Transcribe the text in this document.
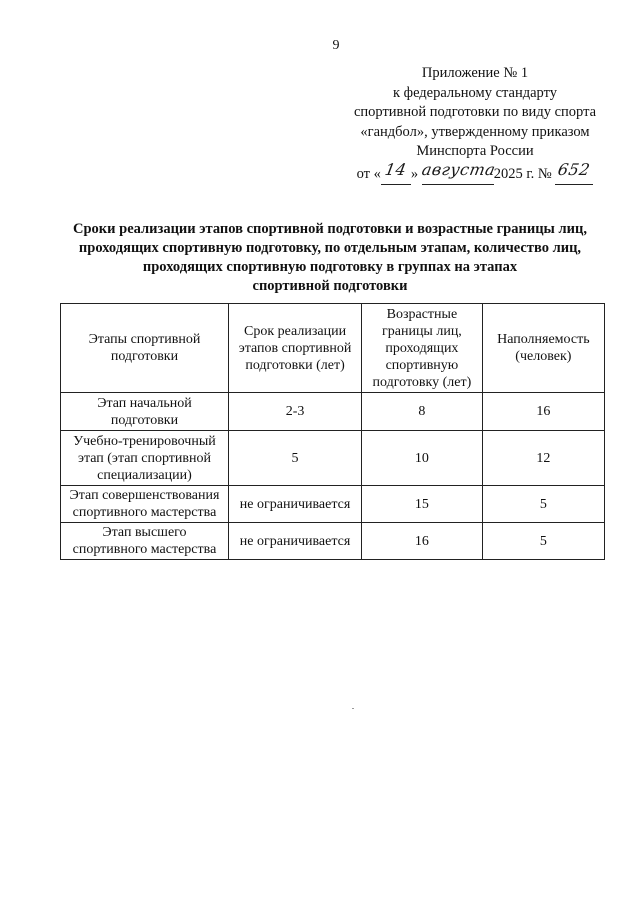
9
Приложение № 1
к федеральному стандарту
спортивной подготовки по виду спорта
«гандбол», утвержденному приказом
Минспорта России
от « 14 » августа2025 г. № 652
Сроки реализации этапов спортивной подготовки и возрастные границы лиц,
проходящих спортивную подготовку, по отдельным этапам, количество лиц,
проходящих спортивную подготовку в группах на этапах
спортивной подготовки
Этапы спортивной
подготовки	Срок реализации
этапов спортивной
подготовки (лет)	Возрастные
границы лиц,
проходящих
спортивную
подготовку (лет)	Наполняемость
(человек)
Этап начальной
подготовки	2-3	8	16
Учебно-тренировочный
этап (этап спортивной
специализации)	5	10	12
Этап совершенствования
спортивного мастерства	не ограничивается	15	5
Этап высшего
спортивного мастерства	не ограничивается	16	5
